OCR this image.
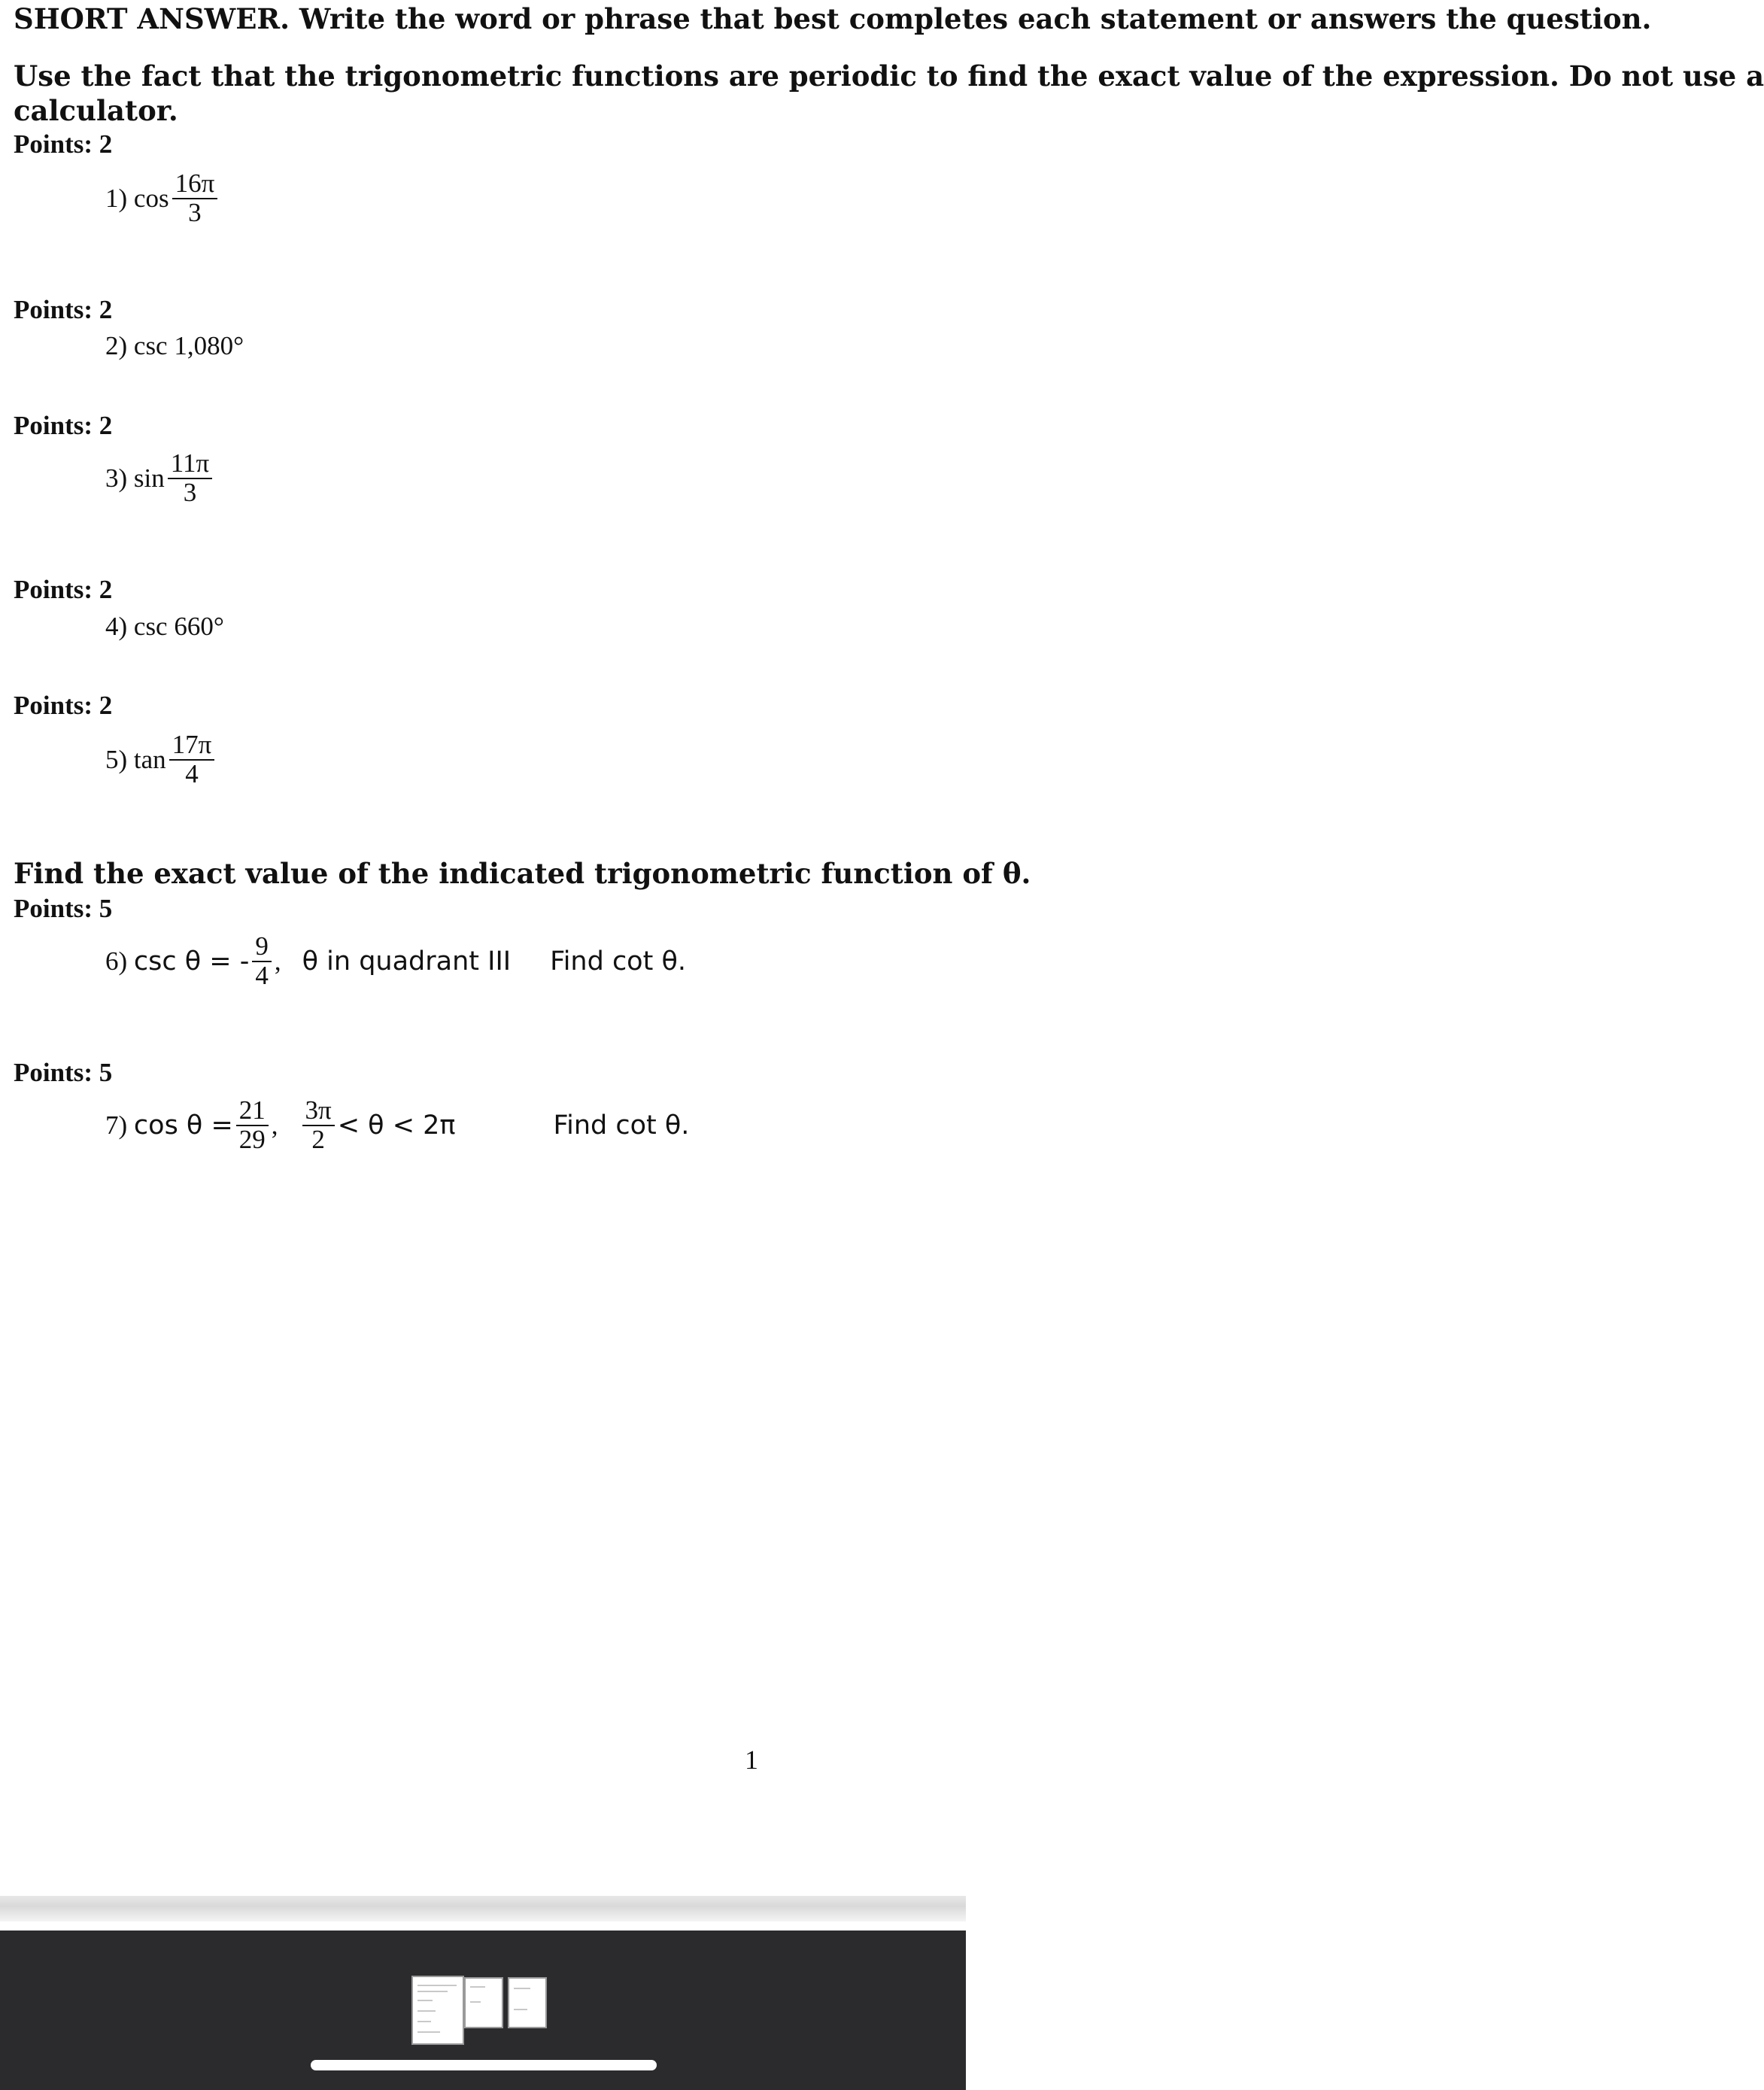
SHORT ANSWER. Write the word or phrase that best completes each statement or answers the question.
Use the fact that the trigonometric functions are periodic to find the exact value of the expression. Do not use a
calculator.
Points: 2
1)
$\cos \frac{16\pi}{3}$
Points: 2
2)
csc 1,080°
Points: 2
3)
$\sin \frac{11\pi}{3}$
Points: 2
4)
csc 660°
Points: 2
5)
$\tan \frac{17\pi}{4}$
Find the exact value of the indicated trigonometric function of θ.
Points: 5
6)
csc θ = - $\frac{9}{4}$ , θ in quadrant III Find cot θ.
Points: 5
7)
$\cos \theta = \frac{21}{29}$ , $\frac{3\pi}{2} < \theta < 2\pi$	Find cot θ.
1
